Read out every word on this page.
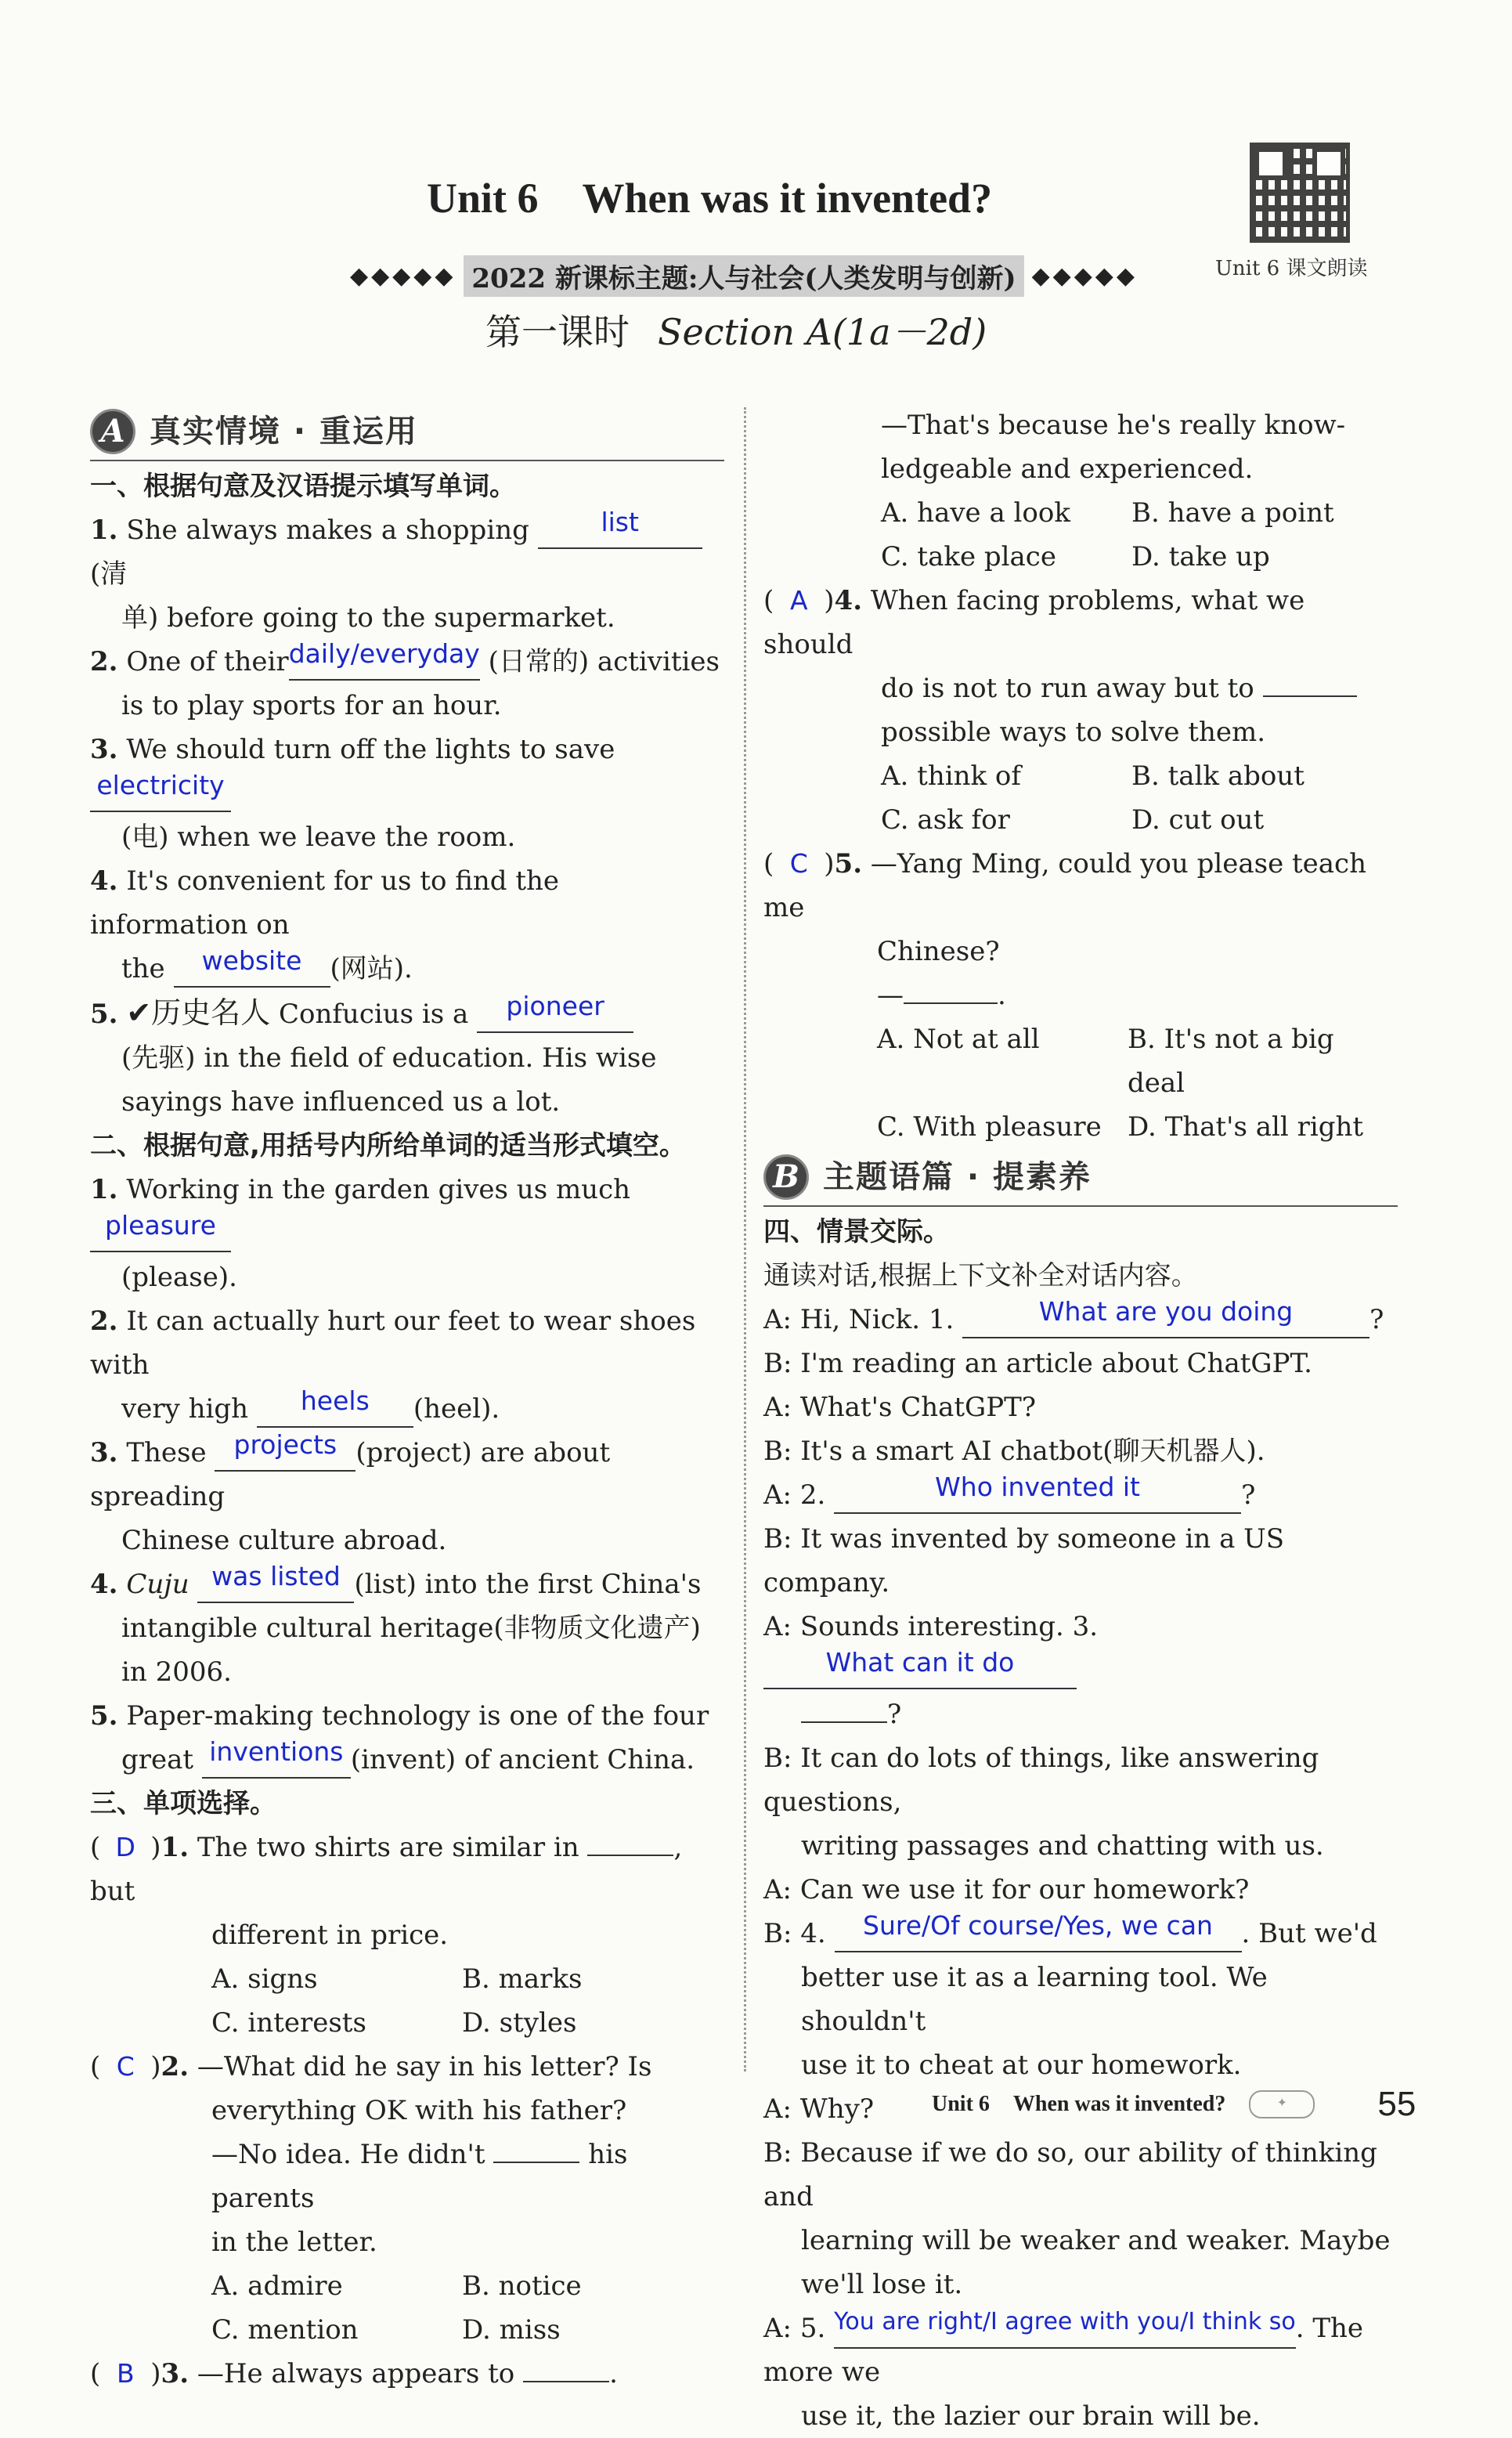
Unit 6 When was it invented?
Unit 6 课文朗读
◆◆◆◆◆ 2022 新课标主题:人与社会(人类发明与创新) ◆◆◆◆◆
第一课时 Section A(1a－2d)
A 真实情境 · 重运用
一、根据句意及汉语提示填写单词。
1. She always makes a shopping	list (清
单) before going to the supermarket.
2. One of theirdaily/everyday (日常的) activities
is to play sports for an hour.
3. We should turn off the lights to save electricity
(电) when we leave the room.
4. It's convenient for us to find the information on
the website (网站).
5. ✔历史名人 Confucius is a pioneer
(先驱) in the field of education. His wise
sayings have influenced us a lot.
二、根据句意,用括号内所给单词的适当形式填空。
1. Working in the garden gives us much pleasure
(please).
2. It can actually hurt our feet to wear shoes with
very high heels (heel).
3. These projects (project) are about spreading
Chinese culture abroad.
4. Cuju was listed (list) into the first China's
intangible cultural heritage(非物质文化遗产)
in 2006.
5. Paper-making technology is one of the four
great inventions (invent) of ancient China.
三、单项选择。
( D )1. The two shirts are similar in	, but
different in price.
A. signs	B. marks
C. interests	D. styles
( C )2. —What did he say in his letter? Is
everything OK with his father?
—No idea. He didn't	his parents
in the letter.
A. admire	B. notice
C. mention	D. miss
( B )3. —He always appears to	.
—That's because he's really know-
ledgeable and experienced.
A. have a look	B. have a point
C. take place	D. take up
( A )4. When facing problems, what we should
do is not to run away but to
possible ways to solve them.
A. think of	B. talk about
C. ask for	D. cut out
( C )5. —Yang Ming, could you please teach me
Chinese?
—	.
A. Not at all	B. It's not a big deal
C. With pleasure D. That's all right
B 主题语篇 · 提素养
四、情景交际。
通读对话,根据上下文补全对话内容。
A: Hi, Nick. 1.	What are you doing	?
B: I'm reading an article about ChatGPT.
A: What's ChatGPT?
B: It's a smart AI chatbot(聊天机器人).
A: 2.	Who invented it	?
B: It was invented by someone in a US company.
A: Sounds interesting. 3. What can it do
?
B: It can do lots of things, like answering questions,
writing passages and chatting with us.
A: Can we use it for our homework?
B: 4. Sure/Of course/Yes, we can . But we'd
better use it as a learning tool. We shouldn't
use it to cheat at our homework.
A: Why?
B: Because if we do so, our ability of thinking and
learning will be weaker and weaker. Maybe
we'll lose it.
A: 5. You are right/I agree with you/I think so. The more we
use it, the lazier our brain will be.
Unit 6 When was it invented?	✦	55
